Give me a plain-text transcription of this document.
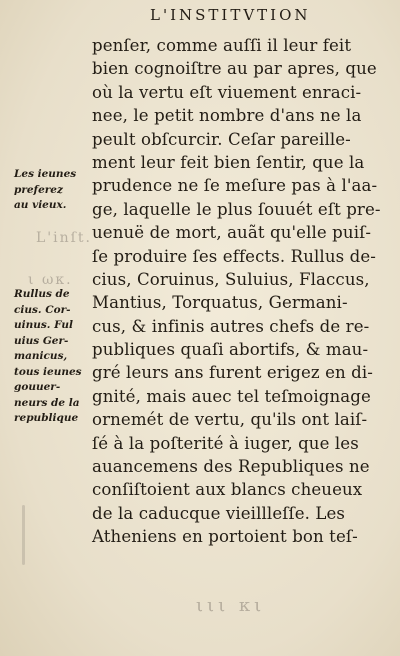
L'INSTITVTION
Les ieunes
preferez
au vieux.
Rullus de
cius. Cor-
uinus. Ful
uius Ger-
manicus,
tous ieunes
gouuer-
neurs de la
republique
L'inſt.
ι ωκ.
ιιι κι
penſer, comme auſſi il leur feit
bien cognoiſtre au par apres, que
où la vertu eſt viuement enraci-
nee, le petit nombre d'ans ne la
peult obſcurcir. Ceſar pareille-
ment leur feit bien ſentir, que la
prudence ne ſe meſure pas à l'aa-
ge, laquelle le plus ſouuét eſt pre-
uenuë de mort, auãt qu'elle puiſ-
ſe produire ſes effects. Rullus de-
cius, Coruinus, Suluius, Flaccus,
Mantius, Torquatus, Germani-
cus, & infinis autres chefs de re-
publiques quaſi abortifs, & mau-
gré leurs ans furent erigez en di-
gnité, mais auec tel teſmoignage
ornemét de vertu, qu'ils ont laiſ-
ſé à la poſterité à iuger, que les
auancemens des Republiques ne
conſiſtoient aux blancs cheueux
de la caducque vieillleſſe. Les
Atheniens en portoient bon teſ-
